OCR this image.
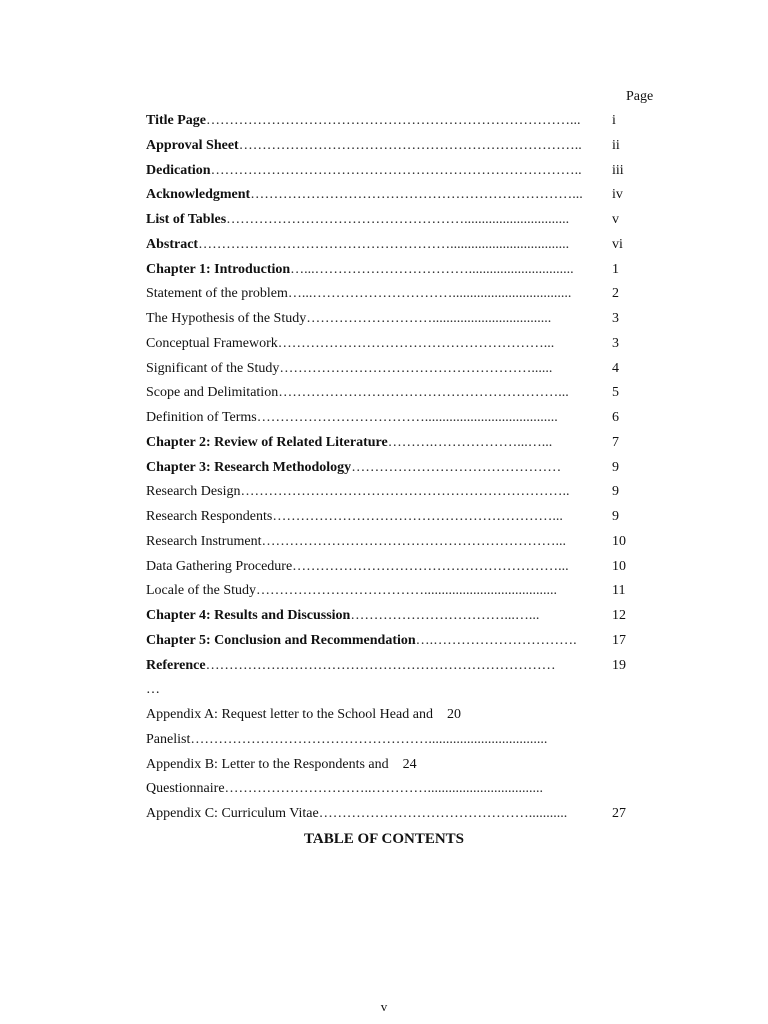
Page
Title Page ……………………………………………………………………...	i
Approval Sheet ………………………………………………………………..	ii
Dedication ……………………………………………………………………..	iii
Acknowledgment ……………………………………………………………...	iv
List of Tables ……………………………………………..............................	v
Abstract ………………………………………………..................................	vi
Chapter 1: Introduction …...……………………………..............................	1
Statement of the problem …...…………………………..................................	2
The Hypothesis of the Study ………………………..................................	3
Conceptual Framework …………………………………………………...	3
Significant of the Study ………………………………………………......	4
Scope and Delimitation ……………………………………………………...	5
Definition of Terms ………………………………......................................	6
Chapter 2: Review of Related Literature ……….………………...…...	7
Chapter 3: Research Methodology ………………………………………	9
Research Design ……………………………………………………………..	9
Research Respondents ……………………………………………………...	9
Research Instrument ………………………………………………………...	10
Data Gathering Procedure …………………………………………………...	10
Locale of the Study ………………………………......................................	11
Chapter 4: Results and Discussion ……………………………...…...	12
Chapter 5: Conclusion and Recommendation ….………………………….	17
Reference …………………………………………………………………	19
…
Appendix A: Request letter to the School Head and	20
Panelist ……………………………………………..................................
Appendix B: Letter to the Respondents and	24
Questionnaire …………………………..………….................................
Appendix C: Curriculum Vitae ………………………………………...........	27
TABLE OF CONTENTS
v
